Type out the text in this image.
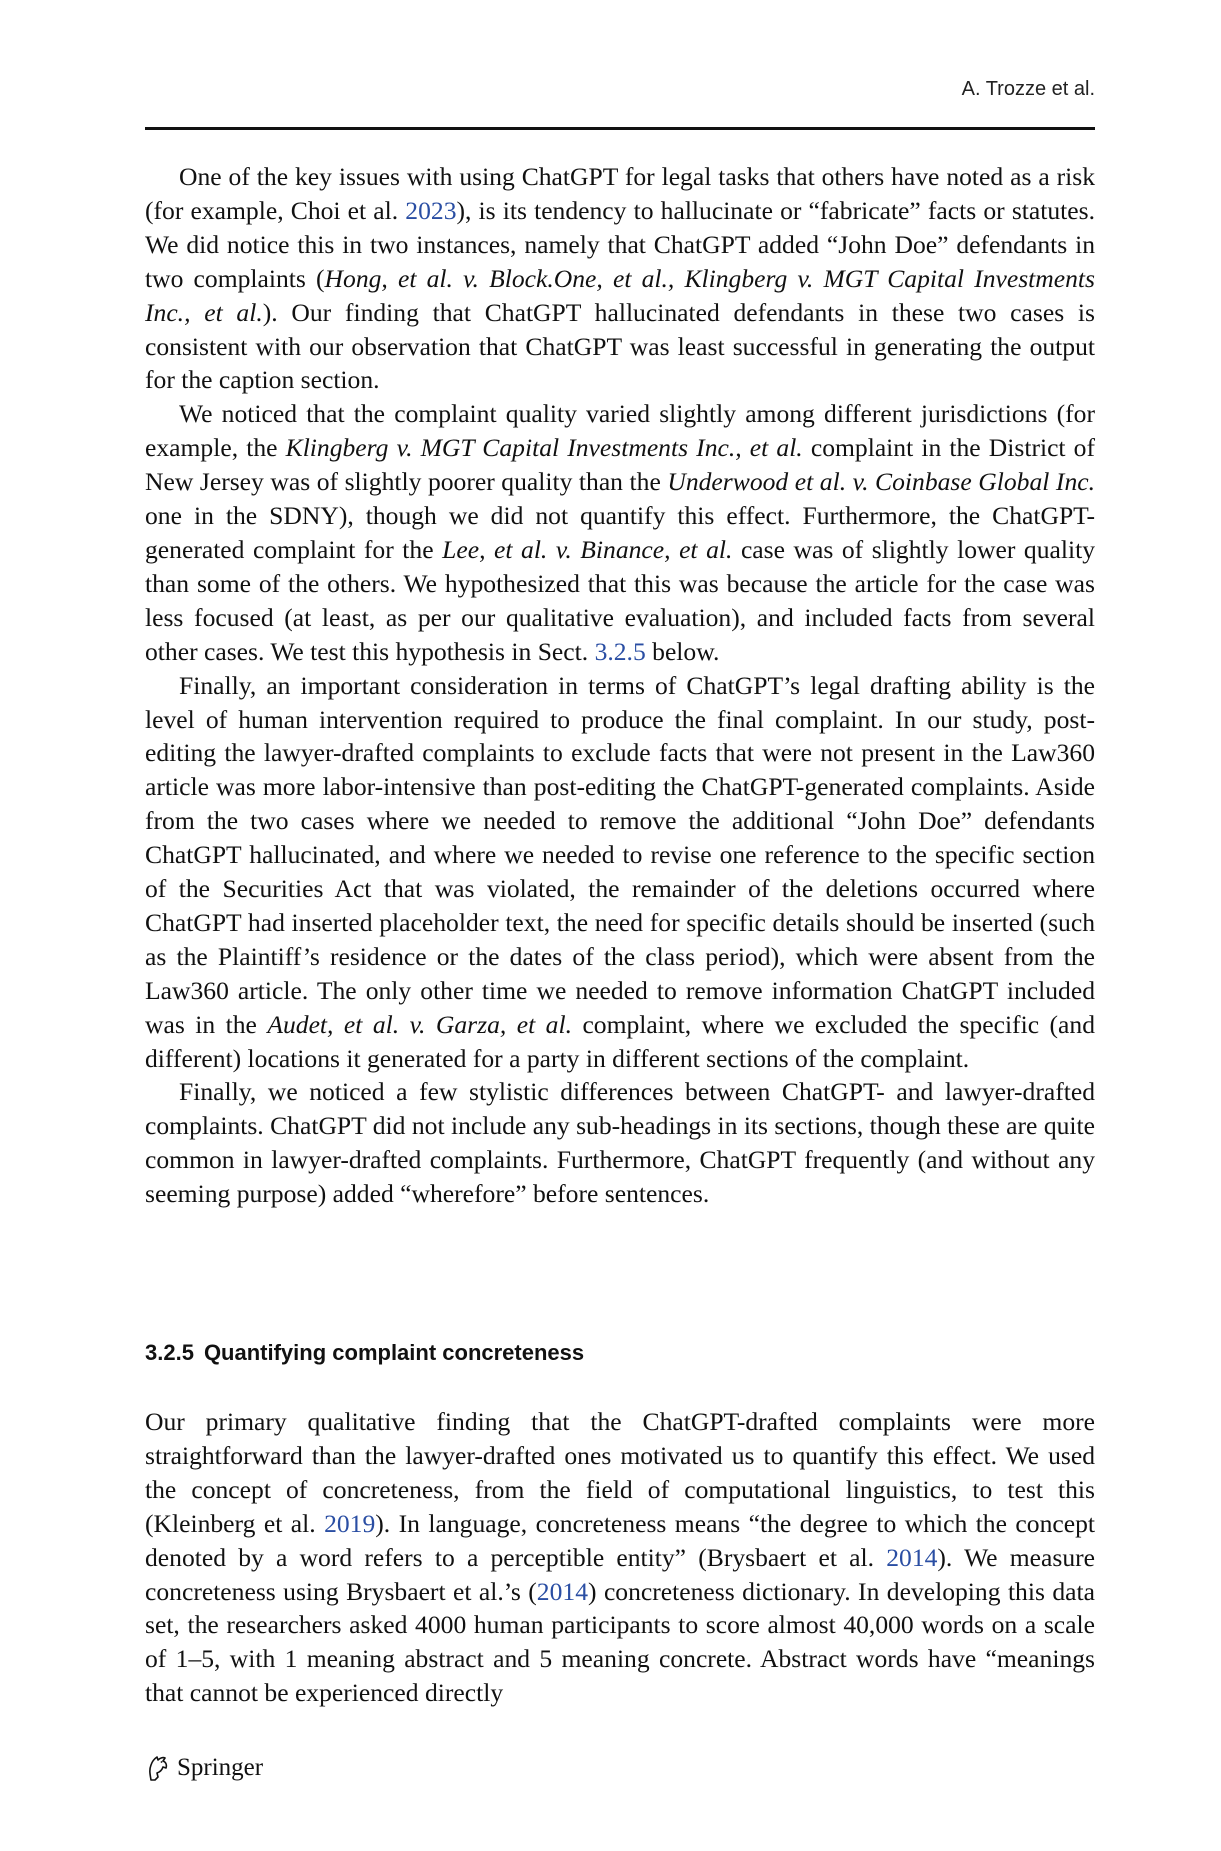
A. Trozze et al.

One of the key issues with using ChatGPT for legal tasks that others have noted as a risk (for example, Choi et al. 2023), is its tendency to hallucinate or “fabricate” facts or statutes. We did notice this in two instances, namely that ChatGPT added “John Doe” defendants in two complaints (Hong, et al. v. Block.One, et al., Klingberg v. MGT Capital Investments Inc., et al.). Our finding that ChatGPT hallucinated defendants in these two cases is consistent with our observation that ChatGPT was least successful in generating the output for the caption section.

We noticed that the complaint quality varied slightly among different jurisdictions (for example, the Klingberg v. MGT Capital Investments Inc., et al. complaint in the District of New Jersey was of slightly poorer quality than the Underwood et al. v. Coinbase Global Inc. one in the SDNY), though we did not quantify this effect. Furthermore, the ChatGPT-generated complaint for the Lee, et al. v. Binance, et al. case was of slightly lower quality than some of the others. We hypothesized that this was because the article for the case was less focused (at least, as per our qualitative evaluation), and included facts from several other cases. We test this hypothesis in Sect. 3.2.5 below.

Finally, an important consideration in terms of ChatGPT’s legal drafting ability is the level of human intervention required to produce the final complaint. In our study, post-editing the lawyer-drafted complaints to exclude facts that were not present in the Law360 article was more labor-intensive than post-editing the ChatGPT-generated complaints. Aside from the two cases where we needed to remove the additional “John Doe” defendants ChatGPT hallucinated, and where we needed to revise one reference to the specific section of the Securities Act that was violated, the remainder of the deletions occurred where ChatGPT had inserted placeholder text, the need for specific details should be inserted (such as the Plaintiff’s residence or the dates of the class period), which were absent from the Law360 article. The only other time we needed to remove information ChatGPT included was in the Audet, et al. v. Garza, et al. complaint, where we excluded the specific (and different) locations it generated for a party in different sections of the complaint.

Finally, we noticed a few stylistic differences between ChatGPT- and lawyer-drafted complaints. ChatGPT did not include any sub-headings in its sections, though these are quite common in lawyer-drafted complaints. Furthermore, ChatGPT frequently (and without any seeming purpose) added “wherefore” before sentences.

3.2.5 Quantifying complaint concreteness

Our primary qualitative finding that the ChatGPT-drafted complaints were more straightforward than the lawyer-drafted ones motivated us to quantify this effect. We used the concept of concreteness, from the field of computational linguistics, to test this (Kleinberg et al. 2019). In language, concreteness means “the degree to which the concept denoted by a word refers to a perceptible entity” (Brysbaert et al. 2014). We measure concreteness using Brysbaert et al.’s (2014) concreteness dictionary. In developing this data set, the researchers asked 4000 human participants to score almost 40,000 words on a scale of 1–5, with 1 meaning abstract and 5 meaning concrete. Abstract words have “meanings that cannot be experienced directly

Springer
